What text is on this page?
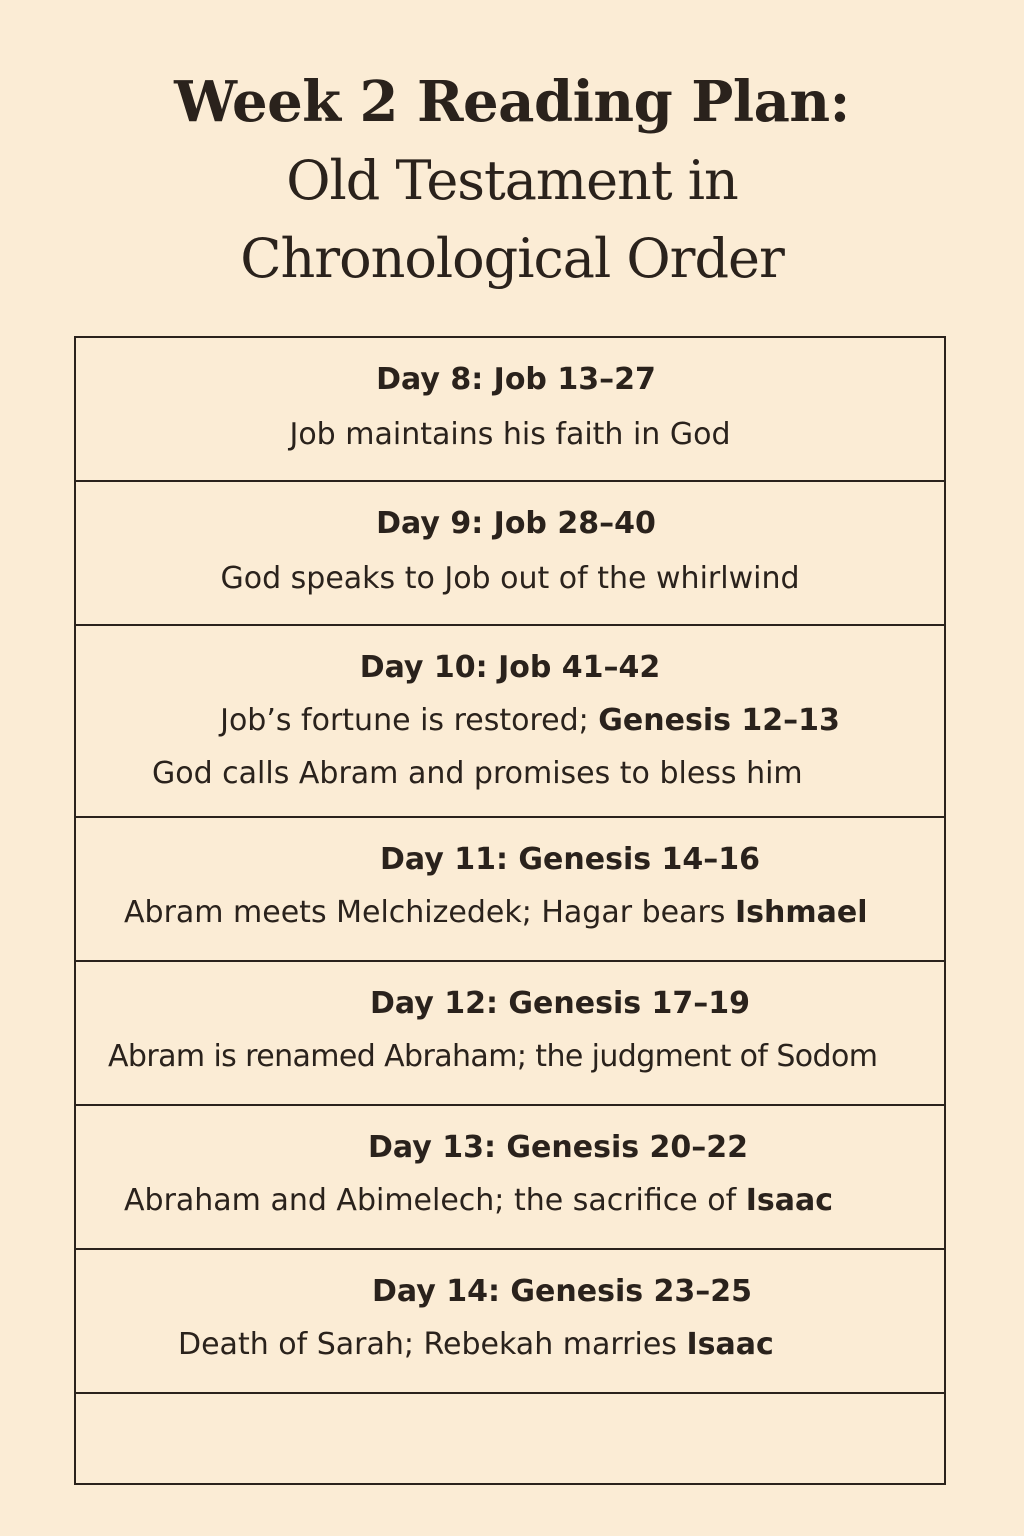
Week 2 Reading Plan:
Old Testament in
Chronological Order
Day 8: Job 13–27
Job maintains his faith in God
Day 9: Job 28–40
God speaks to Job out of the whirlwind
Day 10: Job 41–42
Job’s fortune is restored; Genesis 12–13
God calls Abram and promises to bless him
Day 11: Genesis 14–16
Abram meets Melchizedek; Hagar bears Ishmael
Day 12: Genesis 17–19
Abram is renamed Abraham; the judgment of Sodom
Day 13: Genesis 20–22
Abraham and Abimelech; the sacrifice of Isaac
Day 14: Genesis 23–25
Death of Sarah; Rebekah marries Isaac
